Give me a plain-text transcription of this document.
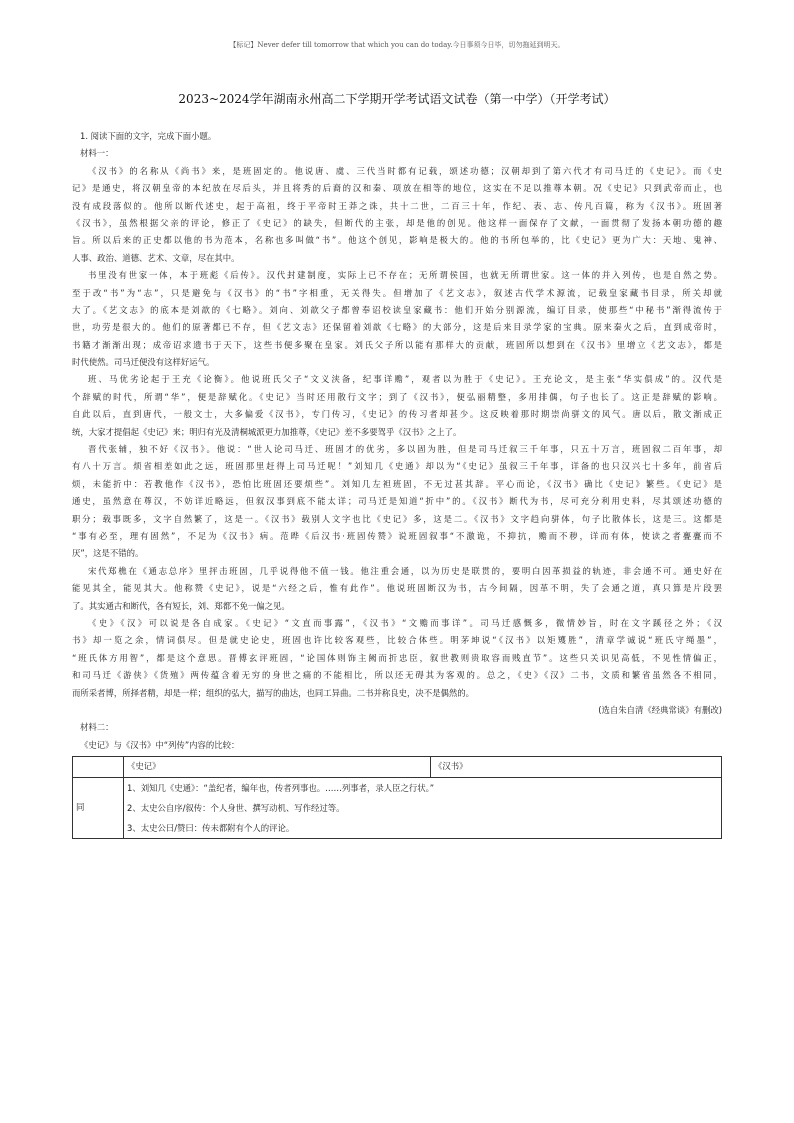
【标记】Never defer till tomorrow that which you can do today.今日事须今日毕，切勿拖延到明天。
2023~2024学年湖南永州高二下学期开学考试语文试卷（第一中学）（开学考试）
1. 阅读下面的文字，完成下面小题。
材料一：
《汉书》的名称从《尚书》来，是班固定的。他说唐、虞、三代当时都有记载，颂述功德；汉朝却到了第六代才有司马迁的《史记》。而《史
记》是通史，将汉朝皇帝的本纪放在尽后头，并且将秀的后裔的汉和秦、项放在相等的地位，这实在不足以推尊本朝。况《史记》只到武帝而止，也
没有成段落似的。他所以断代述史，起于高祖，终于平帝时王莽之诛，共十二世，二百三十年，作纪、表、志、传凡百篇，称为《汉书》。班固著
《汉书》，虽然根据父亲的评论，修正了《史记》的缺失，但断代的主张，却是他的创见。他这样一面保存了文献，一面贯彻了发扬本朝功德的趣
旨。所以后来的正史都以他的书为范本，名称也多叫做“书”。他这个创见，影响是极大的。他的书所包举的，比《史记》更为广大：天地、鬼神、
人事、政治、道德、艺术、文章，尽在其中。
书里没有世家一体，本于班彪《后传》。汉代封建制度，实际上已不存在；无所谓侯国，也就无所谓世家。这一体的并入列传，也是自然之势。
至于改“书”为“志”，只是避免与《汉书》的“书”字相重，无关得失。但增加了《艺文志》，叙述古代学术源流，记载皇家藏书目录，所关却就
大了。《艺文志》的底本是刘歆的《七略》。刘向、刘歆父子都曾奉诏校读皇家藏书：他们开始分别源流，编订目录，使那些“中秘书”渐得流传于
世，功劳是很大的。他们的原著都已不存，但《艺文志》还保留着刘歆《七略》的大部分，这是后来目录学家的宝典。原来秦火之后，直到成帝时，
书籍才渐渐出现；成帝诏求遗书于天下，这些书便多聚在皇家。刘氏父子所以能有那样大的贡献，班固所以想到在《汉书》里增立《艺文志》，都是
时代使然。司马迁便没有这样好运气。
班、马优劣论起于王充《论衡》。他说班氏父子“文义浃备，纪事详赡”，观者以为胜于《史记》。王充论文，是主张“华实俱成”的。汉代是
个辞赋的时代，所谓“华”，便是辞赋化。《史记》当时还用散行文字；到了《汉书》，便弘丽精整，多用排偶，句子也长了。这正是辞赋的影响。
自此以后，直到唐代，一般文士，大多偏爱《汉书》，专门传习，《史记》的传习者却甚少。这反映着那时期崇尚骈文的风气。唐以后，散文渐成正
统，大家才提倡起《史记》来；明归有光及清桐城派更力加推尊，《史记》差不多要驾乎《汉书》之上了。
晋代张辅，独不好《汉书》。他说：“世人论司马迁、班固才的优劣，多以固为胜，但是司马迁叙三千年事，只五十万言，班固叙二百年事，却
有八十万言。烦省相差如此之远，班固那里赶得上司马迁呢！”刘知几《史通》却以为“《史记》虽叙三千年事，详备的也只汉兴七十多年，前省后
烦，未能折中：若教他作《汉书》，恐怕比班固还要烦些”。刘知几左袒班固，不无过甚其辞。平心而论，《汉书》确比《史记》繁些。《史记》是
通史，虽然意在尊汉，不妨详近略远，但叙汉事到底不能太详；司马迁是知道“折中”的。《汉书》断代为书，尽可充分利用史料，尽其颂述功德的
职分；载事既多，文字自然繁了，这是一。《汉书》载别人文字也比《史记》多，这是二。《汉书》文字趋向骈体，句子比散体长，这是三。这都是
“事有必至，理有固然”，不足为《汉书》病。范晔《后汉书·班固传赞》说班固叙事“不激诡，不抑抗，赡而不秽，详而有体，使读之者亹亹而不
厌”，这是不错的。
宋代郑樵在《通志总序》里抨击班固，几乎说得他不值一钱。他注重会通，以为历史是联贯的，要明白因革损益的轨迹，非会通不可。通史好在
能见其全，能见其大。他称赞《史记》，说是“六经之后，惟有此作”。他说班固断汉为书，古今间隔，因革不明，失了会通之道，真只算是片段罢
了。其实通古和断代，各有短长，刘、郑都不免一偏之见。
《史》《汉》可以说是各自成家。《史记》“文直而事露”，《汉书》“文赡而事详”。司马迁感慨多，微情妙旨，时在文字蹊径之外；《汉
书》却一览之余，情词俱尽。但是就史论史，班固也许比较客观些，比较合体些。明茅坤说“《汉书》以矩矱胜”，清章学诚说“班氏守绳墨”，
“班氏体方用智”，都是这个意思。晋傅玄评班固，“论国体则饰主阙而折忠臣，叙世教则贵取容而贱直节”。这些只关识见高低，不见性情偏正，
和司马迁《游侠》《货殖》两传蕴含着无穷的身世之痛的不能相比，所以还无碍其为客观的。总之，《史》《汉》二书，文质和繁省虽然各不相同，
而所采者博，所择者精，却是一样；组织的弘大，描写的曲达，也同工异曲。二书并称良史，决不是偶然的。
(选自朱自清《经典常谈》有删改)
材料二：
《史记》与《汉书》中“列传”内容的比较：
	《史记》	《汉书》
同	1、刘知几《史通》：“盖纪者，编年也，传者列事也。……列事者，录人臣之行状。”
2、太史公自序/叙传：个人身世、撰写动机、写作经过等。
3、太史公曰/赞曰：传未都附有个人的评论。	
